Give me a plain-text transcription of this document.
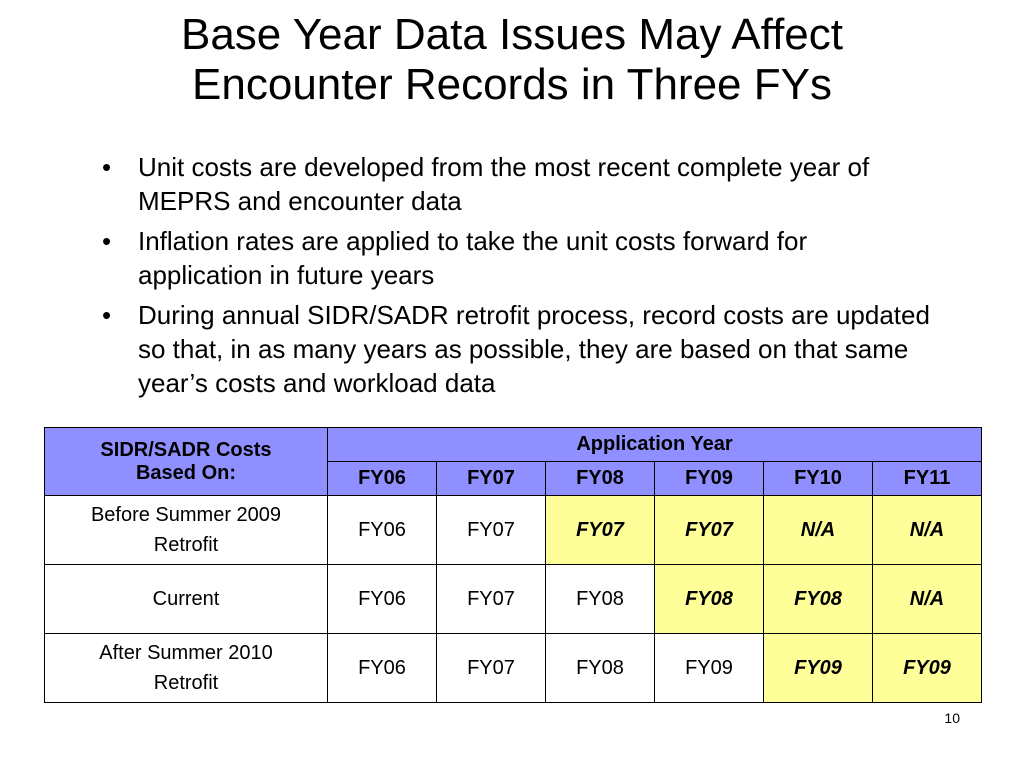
Base Year Data Issues May Affect
Encounter Records in Three FYs
• Unit costs are developed from the most recent complete year of MEPRS and encounter data
• Inflation rates are applied to take the unit costs forward for application in future years
• During annual SIDR/SADR retrofit process, record costs are updated so that, in as many years as possible, they are based on that same year’s costs and workload data
SIDR/SADR Costs
Based On:	Application Year					
	FY06	FY07	FY08	FY09	FY10	FY11

Before Summer 2009
Retrofit	FY06	FY07	FY07	FY07	N/A	N/A

Current	FY06	FY07	FY08	FY08	FY08	N/A

After Summer 2010
Retrofit	FY06	FY07	FY08	FY09	FY09	FY09
10
